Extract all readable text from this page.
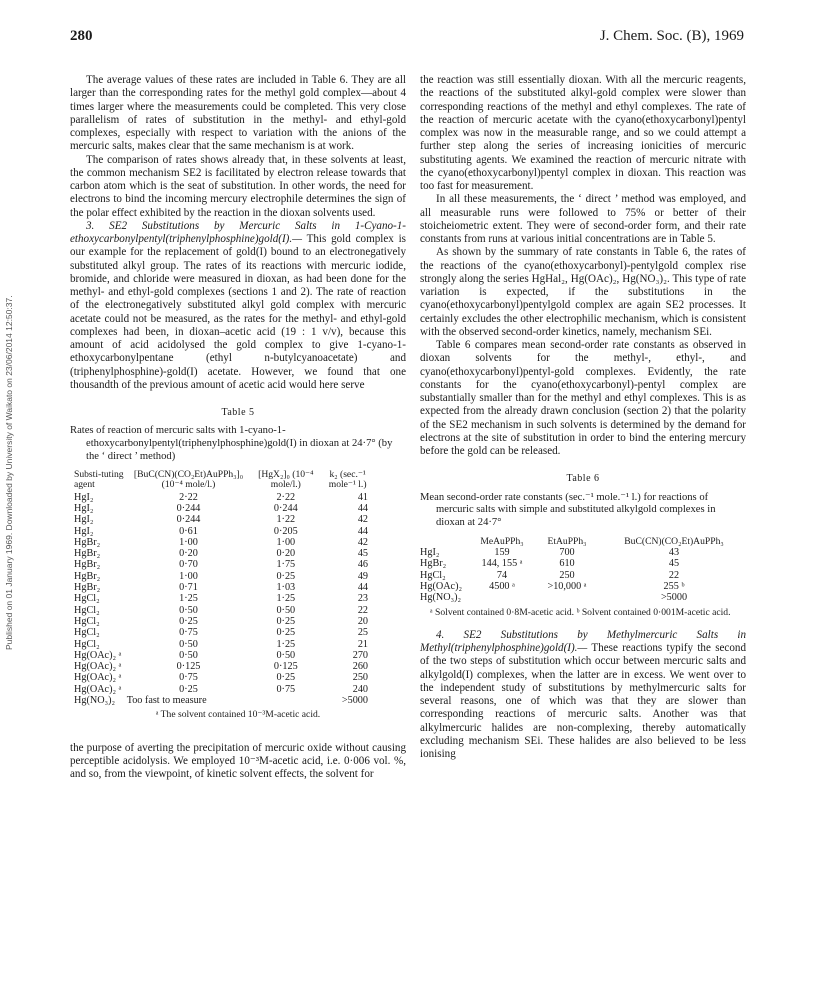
280	J. Chem. Soc. (B), 1969
Published on 01 January 1969. Downloaded by University of Waikato on 23/06/2014 12:50:37.

The average values of these rates are included in Table 6. They are all larger than the corresponding rates for the methyl gold complex—about 4 times larger where the measurements could be completed. This very close parallelism of rates of substitution in the methyl- and ethyl-gold complexes, especially with respect to variation with the anions of the mercuric salts, makes clear that the same mechanism is at work.

The comparison of rates shows already that, in these solvents at least, the common mechanism SE2 is facilitated by electron release towards that carbon atom which is the seat of substitution. In other words, the need for electrons to bind the incoming mercury electrophile determines the sign of the polar effect exhibited by the reaction in the dioxan solvents used.

3. SE2 Substitutions by Mercuric Salts in 1-Cyano-1-ethoxycarbonylpentyl(triphenylphosphine)gold(I).— This gold complex is our example for the replacement of gold(I) bound to an electronegatively substituted alkyl group. The rates of its reactions with mercuric iodide, bromide, and chloride were measured in dioxan, as had been done for the methyl- and ethyl-gold complexes (sections 1 and 2). The rate of reaction of the electronegatively substituted alkyl gold complex with mercuric acetate could not be measured, as the rates for the methyl- and ethyl-gold complexes had been, in dioxan–acetic acid (19 : 1 v/v), because this amount of acid acidolysed the gold complex to give 1-cyano-1-ethoxycarbonylpentane (ethyl n-butylcyanoacetate) and (triphenylphosphine)-gold(I) acetate. However, we found that one thousandth of the previous amount of acetic acid would here serve

Table 5
Rates of reaction of mercuric salts with 1-cyano-1-ethoxycarbonylpentyl(triphenylphosphine)gold(I) in dioxan at 24·7° (by the ‘ direct ’ method)
Substi-tuting agent	[BuC(CN)(CO₂Et)AuPPh₃]₀ (10⁻⁴ mole/l.)	[HgX₂]₀ (10⁻⁴ mole/l.)	k₂ (sec.⁻¹ mole⁻¹ l.)
HgI₂	2·22	2·22	41
HgI₂	0·244	0·244	44
HgI₂	0·244	1·22	42
HgI₂	0·61	0·205	44
HgBr₂	1·00	1·00	42
HgBr₂	0·20	0·20	45
HgBr₂	0·70	1·75	46
HgBr₂	1·00	0·25	49
HgBr₂	0·71	1·03	44
HgCl₂	1·25	1·25	23
HgCl₂	0·50	0·50	22
HgCl₂	0·25	0·25	20
HgCl₂	0·75	0·25	25
HgCl₂	0·50	1·25	21
Hg(OAc)₂ ᵃ	0·50	0·50	270
Hg(OAc)₂ ᵃ	0·125	0·125	260
Hg(OAc)₂ ᵃ	0·75	0·25	250
Hg(OAc)₂ ᵃ	0·25	0·75	240
Hg(NO₃)₂	Too fast to measure		>5000
ᵃ The solvent contained 10⁻³M-acetic acid.

the purpose of averting the precipitation of mercuric oxide without causing perceptible acidolysis. We employed 10⁻³M-acetic acid, i.e. 0·006 vol. %, and so, from the viewpoint, of kinetic solvent effects, the solvent for

the reaction was still essentially dioxan. With all the mercuric reagents, the reactions of the substituted alkyl-gold complex were slower than corresponding reactions of the methyl and ethyl complexes. The rate of the reaction of mercuric acetate with the cyano(ethoxycarbonyl)pentyl complex was now in the measurable range, and so we could attempt a further step along the series of increasing ionicities of mercuric substituting agents. We examined the reaction of mercuric nitrate with the cyano(ethoxycarbonyl)pentyl complex in dioxan. This reaction was too fast for measurement.

In all these measurements, the ‘ direct ’ method was employed, and all measurable runs were followed to 75% or better of their stoicheiometric extent. They were of second-order form, and their rate constants from runs at various initial concentrations are in Table 5.

As shown by the summary of rate constants in Table 6, the rates of the reactions of the cyano(ethoxycarbonyl)-pentylgold complex rise strongly along the series HgHal₂, Hg(OAc)₂, Hg(NO₃)₂. This type of rate variation is expected, if the substitutions in the cyano(ethoxycarbonyl)pentylgold complex are again SE2 processes. It certainly excludes the other electrophilic mechanism, which is consistent with the observed second-order kinetics, namely, mechanism SEi.

Table 6 compares mean second-order rate constants as observed in dioxan solvents for the methyl-, ethyl-, and cyano(ethoxycarbonyl)pentyl-gold complexes. Evidently, the rate constants for the cyano(ethoxycarbonyl)-pentyl complex are substantially smaller than for the methyl and ethyl complexes. This is as expected from the already drawn conclusion (section 2) that the polarity of the SE2 mechanism in such solvents is determined by the demand for electrons at the site of substitution in order to bind the entering mercury before the gold can be released.

Table 6
Mean second-order rate constants (sec.⁻¹ mole.⁻¹ l.) for reactions of mercuric salts with simple and substituted alkylgold complexes in dioxan at 24·7°
	MeAuPPh₃	EtAuPPh₃	BuC(CN)(CO₂Et)AuPPh₃
HgI₂	159	700	43
HgBr₂	144, 155 ᵃ	610	45
HgCl₂	74	250	22
Hg(OAc)₂	4500 ᵃ	>10,000 ᵃ	255 ᵇ
Hg(NO₃)₂			>5000
ᵃ Solvent contained 0·8M-acetic acid. ᵇ Solvent contained 0·001M-acetic acid.

4. SE2 Substitutions by Methylmercuric Salts in Methyl(triphenylphosphine)gold(I).— These reactions typify the second of the two steps of substitution which occur between mercuric salts and alkylgold(I) complexes, when the latter are in excess. We went over to the independent study of substitutions by methylmercuric salts for several reasons, one of which was that they are slower than corresponding reactions of mercuric salts. Another was that alkylmercuric halides are non-complexing, thereby automatically excluding mechanism SEi. These halides are also believed to be less ionising
